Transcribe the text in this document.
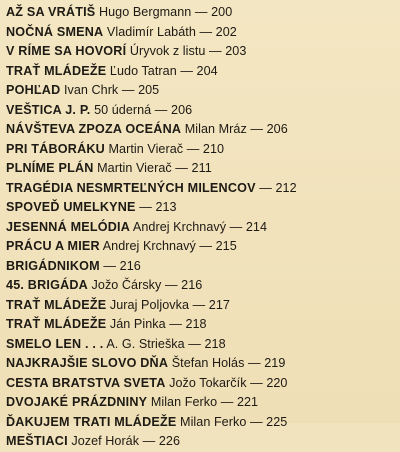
AŽ SA VRÁTIŠ Hugo Bergmann — 200
NOČNÁ SMENA Vladimír Labáth — 202
V RÍME SA HOVORÍ Úryvok z listu — 203
TRAŤ MLÁDEŽE Ľudo Tatran — 204
POHĽAD Ivan Chrk — 205
VEŠTICA J. P. 50 úderná — 206
NÁVŠTEVA ZPOZA OCEÁNA Milan Mráz — 206
PRI TÁBORÁKU Martin Vierač — 210
PLNÍME PLÁN Martin Vierač — 211
TRAGÉDIA NESMRTEĽNÝCH MILENCOV — 212
SPOVEĎ UMELKYNE — 213
JESENNÁ MELÓDIA Andrej Krchnavý — 214
PRÁCU A MIER Andrej Krchnavý — 215
BRIGÁDNIKOM — 216
45. BRIGÁDA Jožo Čársky — 216
TRAŤ MLÁDEŽE Juraj Poljovka — 217
TRAŤ MLÁDEŽE Ján Pinka — 218
SMELO LEN . . . A. G. Strieška — 218
NAJKRAJŠIE SLOVO DŇA Štefan Holás — 219
CESTA BRATSTVA SVETA Jožo Tokarčík — 220
DVOJAKÉ PRÁZDNINY Milan Ferko — 221
ĎAKUJEM TRATI MLÁDEŽE Milan Ferko — 225
MEŠTIACI Jozef Horák — 226
